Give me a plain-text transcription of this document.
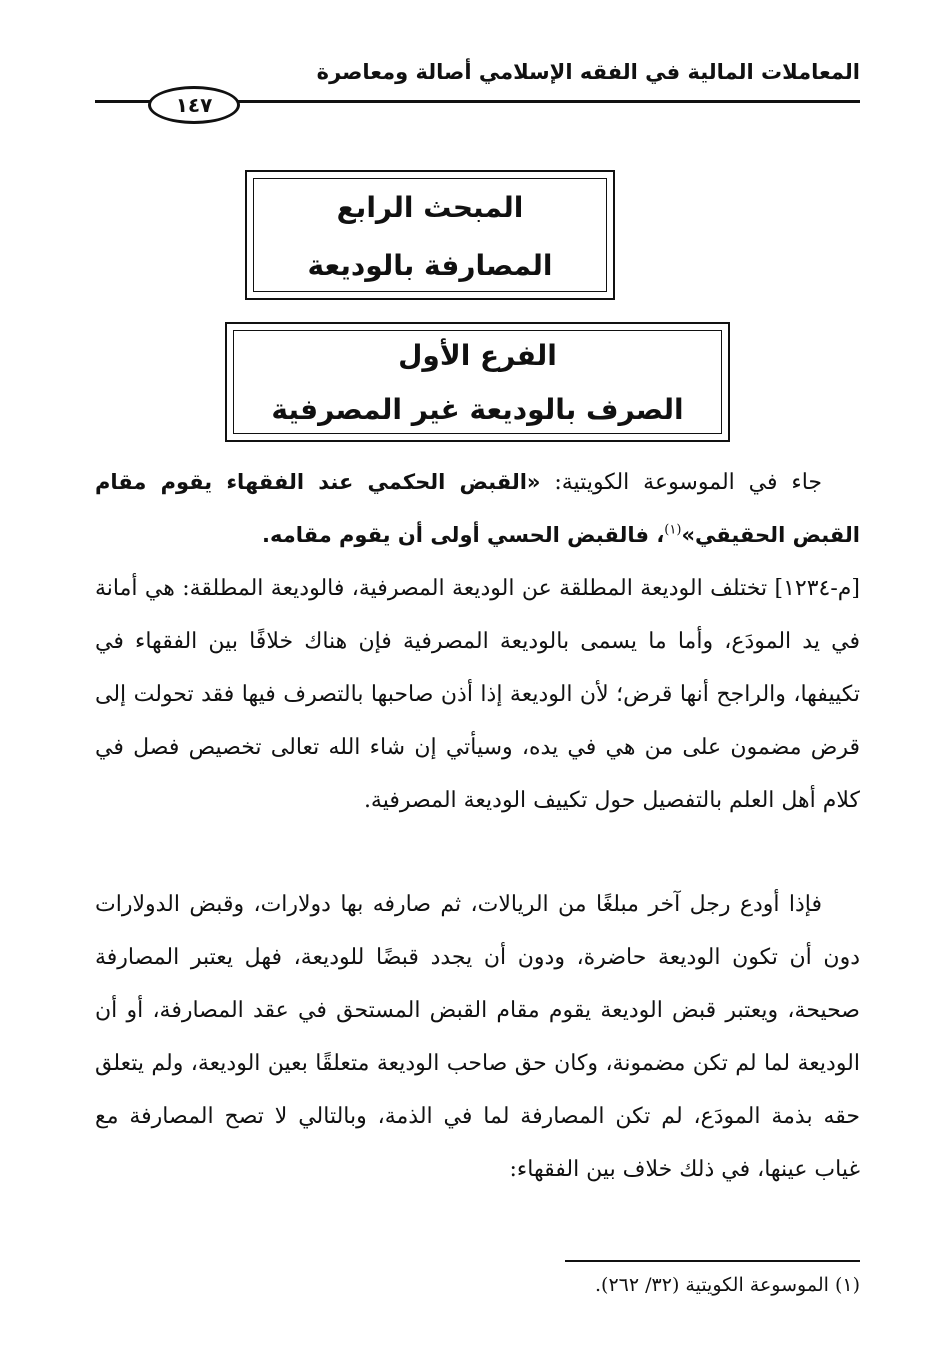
المعاملات المالية في الفقه الإسلامي أصالة ومعاصرة
١٤٧
المبحث الرابع
المصارفة بالوديعة
الفرع الأول
الصرف بالوديعة غير المصرفية
جاء في الموسوعة الكويتية: «القبض الحكمي عند الفقهاء يقوم مقام القبض الحقيقي»$^{(١)}$، فالقبض الحسي أولى أن يقوم مقامه.
[م-١٢٣٤] تختلف الوديعة المطلقة عن الوديعة المصرفية، فالوديعة المطلقة: هي أمانة في يد المودَع، وأما ما يسمى بالوديعة المصرفية فإن هناك خلافًا بين الفقهاء في تكييفها، والراجح أنها قرض؛ لأن الوديعة إذا أذن صاحبها بالتصرف فيها فقد تحولت إلى قرض مضمون على من هي في يده، وسيأتي إن شاء الله تعالى تخصيص فصل في كلام أهل العلم بالتفصيل حول تكييف الوديعة المصرفية.
فإذا أودع رجل آخر مبلغًا من الريالات، ثم صارفه بها دولارات، وقبض الدولارات دون أن تكون الوديعة حاضرة، ودون أن يجدد قبضًا للوديعة، فهل يعتبر المصارفة صحيحة، ويعتبر قبض الوديعة يقوم مقام القبض المستحق في عقد المصارفة، أو أن الوديعة لما لم تكن مضمونة، وكان حق صاحب الوديعة متعلقًا بعين الوديعة، ولم يتعلق حقه بذمة المودَع، لم تكن المصارفة لما في الذمة، وبالتالي لا تصح المصارفة مع غياب عينها، في ذلك خلاف بين الفقهاء:
(١) الموسوعة الكويتية (٣٢/ ٢٦٢).
